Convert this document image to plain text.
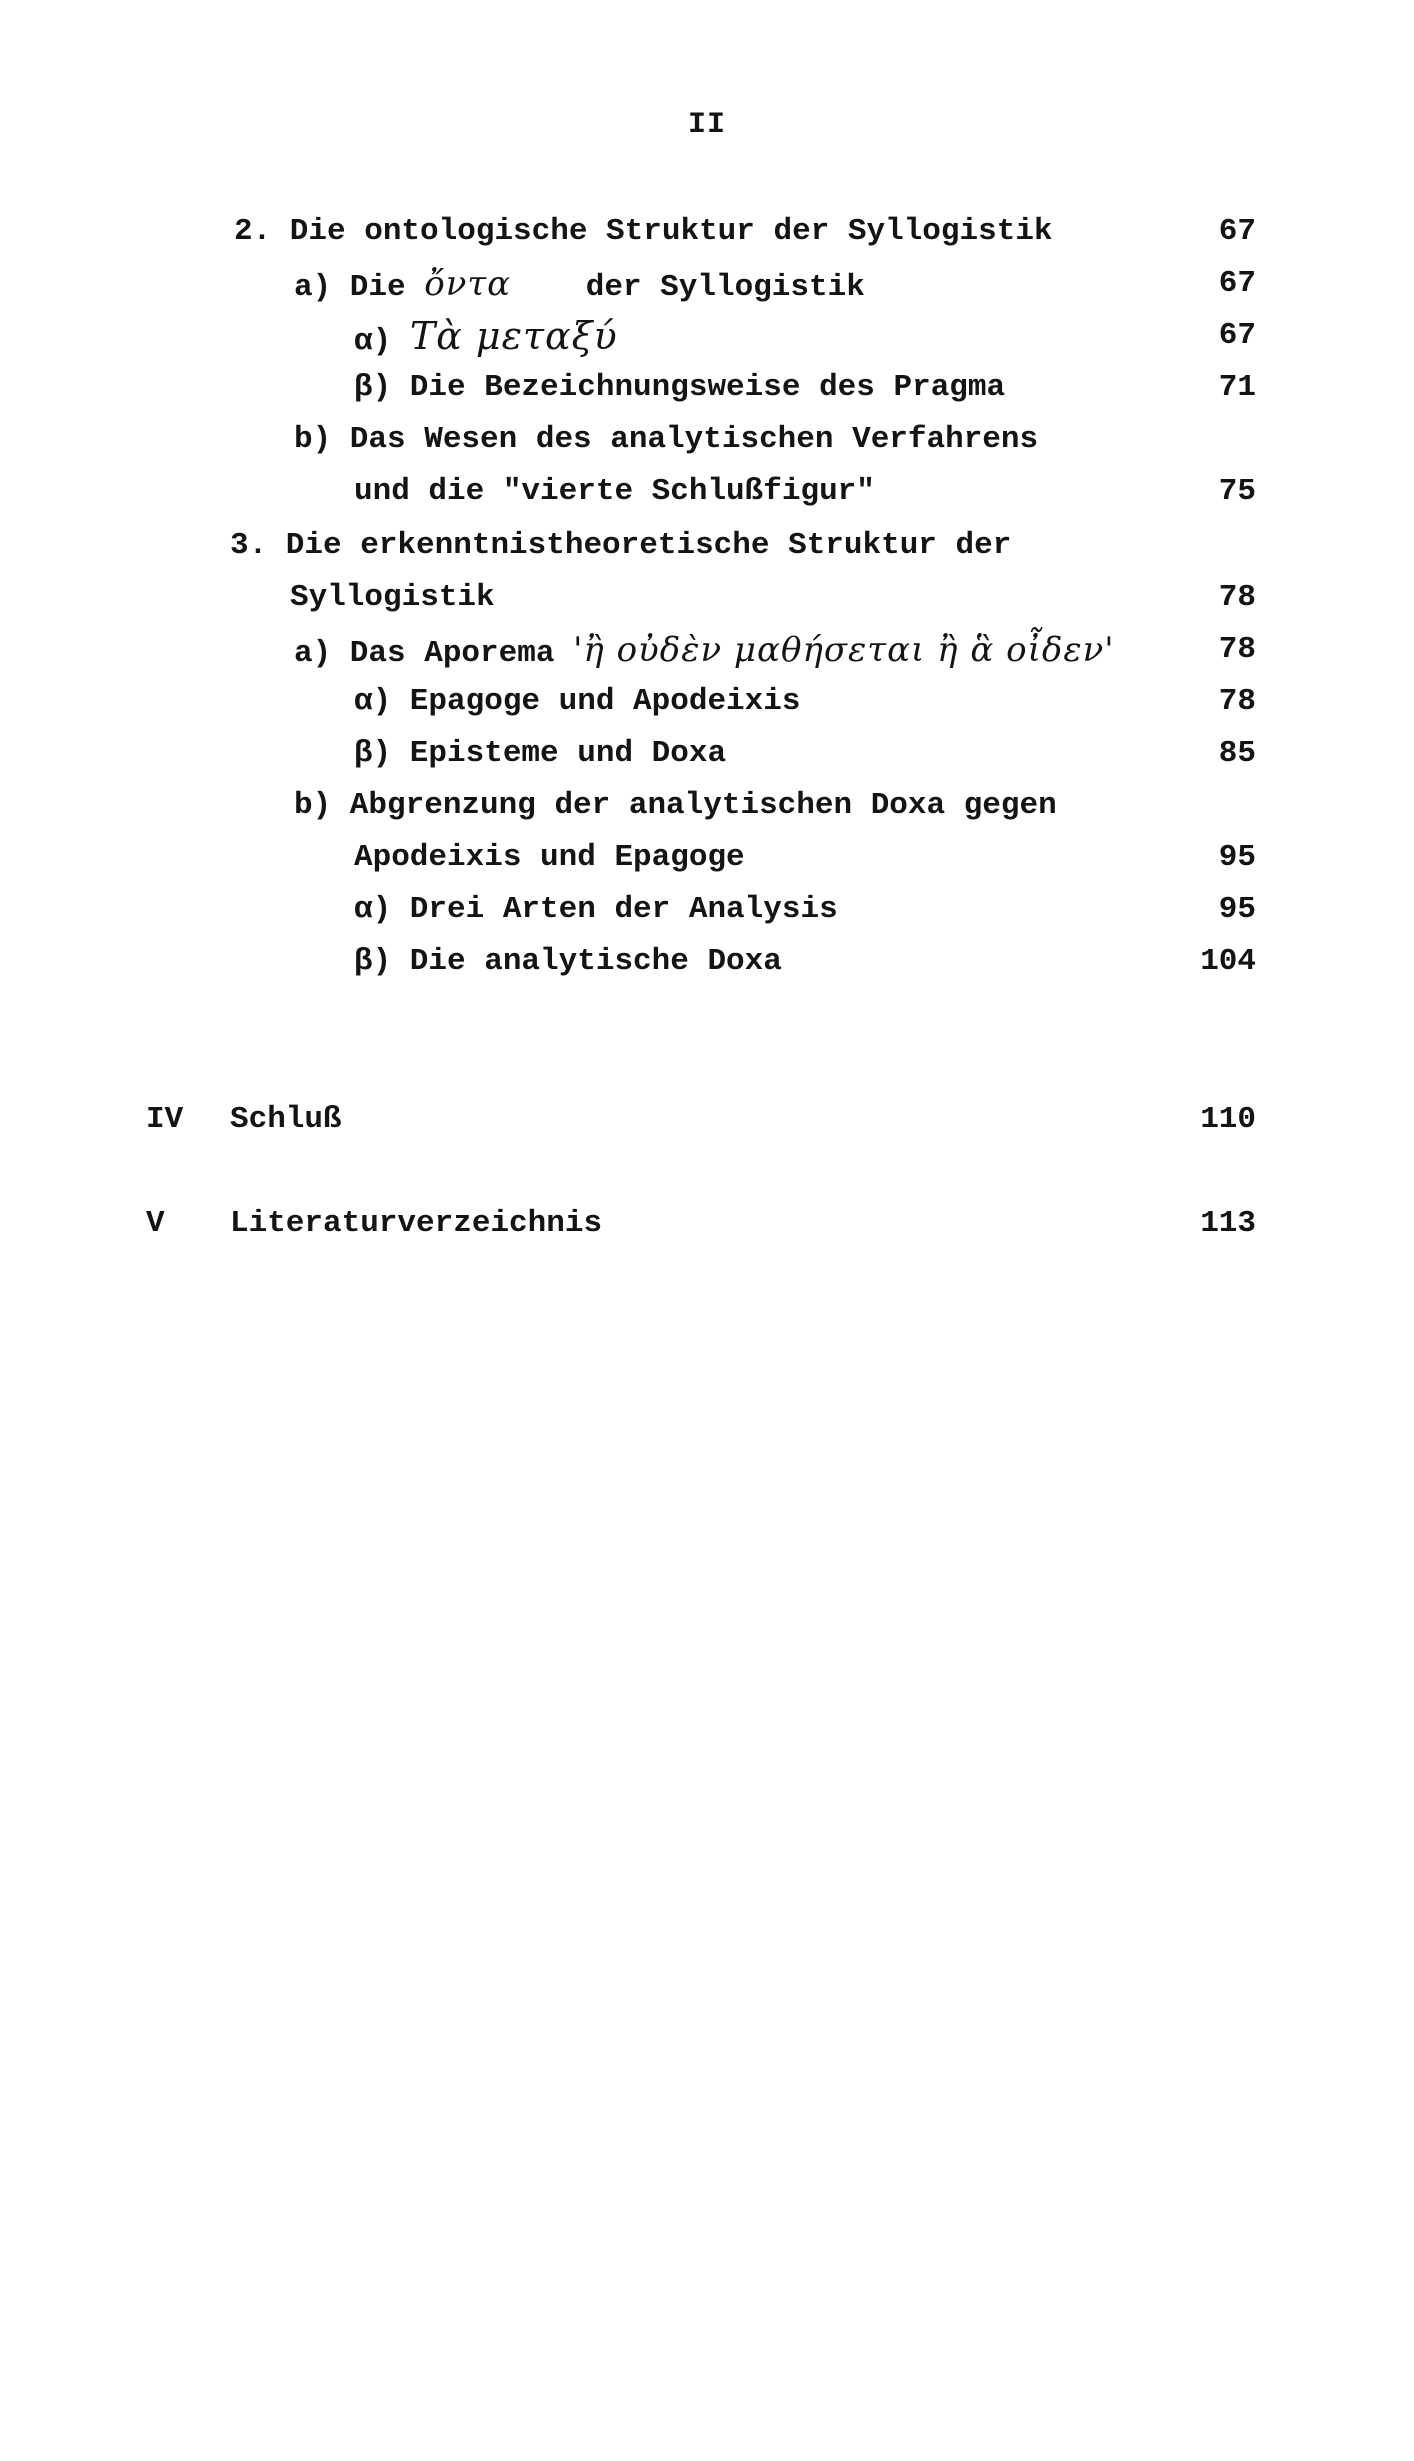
II
2. Die ontologische Struktur der Syllogistik	67
a) Die ὄντα der Syllogistik	67
α) Τὰ μεταξύ	67
β) Die Bezeichnungsweise des Pragma	71
b) Das Wesen des analytischen Verfahrens
und die "vierte Schlußfigur"	75
3. Die erkenntnistheoretische Struktur der
Syllogistik	78
a) Das Aporema 'ἢ οὐδὲν μαθήσεται ἢ ἃ οἶδεν'	78
α) Epagoge und Apodeixis	78
β) Episteme und Doxa	85
b) Abgrenzung der analytischen Doxa gegen
Apodeixis und Epagoge	95
α) Drei Arten der Analysis	95
β) Die analytische Doxa	104
IV Schluß	110
V Literaturverzeichnis	113
